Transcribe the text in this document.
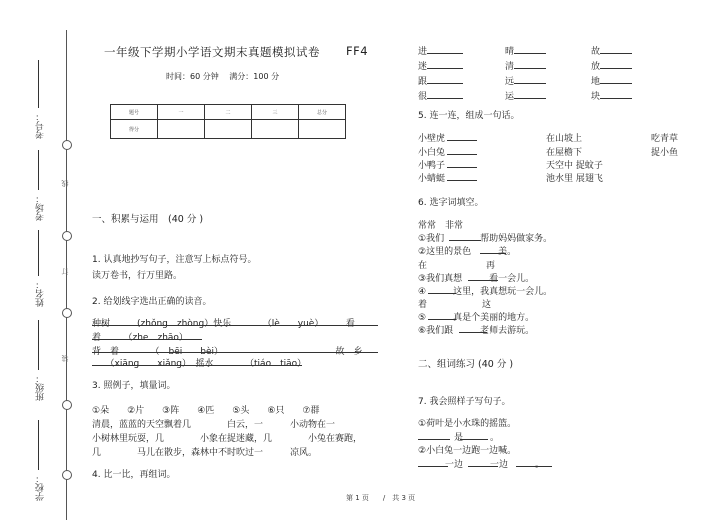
考号：
考场：
姓名：
班级：
学校：
线
订
装
一年级下学期小学语文期末真题模拟试卷 FF4
时间：60 分钟　 满分：100 分
题号	一	二	三	总分
得分				
一、积累与运用　(40 分 )
1. 认真地抄写句子，注意写上标点符号。
读万卷书，行万里路。
2. 给划线字选出正确的读音。
种树　　　(zhǒng　zhòng）快乐　　　　（lè　　yuè）　　　看
着　　　（zhe　zhāo）
背　着　　　　（　bēi　　bèi）　　　　　　　　　　　　　故　乡
　　（xiāng　　xiǎng）　摇水　　　　（tiáo　tiāo）
3. 照例子，填量词。
①朵　　②片　　③阵　　④匹　　⑤头　　⑥只　　⑦群
清晨，蓝蓝的天空飘着几　　　　白云，一　　　小动物在一
小树林里玩耍，几　　　　小象在捉迷藏，几　　　　小兔在赛跑，
几　　　　马儿在散步，森林中不时吹过一　　　凉风。
4. 比一比，再组词。
进	晴	故
迷	清	放
跟	远	地
很	运	块
5. 连一连，组成一句话。
小壁虎	在山坡上	吃青草
小白兔	在屋檐下	捉小鱼
小鸭子	天空中 捉蚊子
小蜻蜓	池水里 展翅飞
6. 选字词填空。
常常　非常
①我们　　　　帮助妈妈做家务。
②这里的景色　　　美。
在	再
③我们真想　　　看一会儿。
④　　　这里，我真想玩一会儿。
着	这
⑤　　　真是个美丽的地方。
⑥我们跟　　　老师去游玩。
二、组词练习 (40 分 )
7. 我会照样子写句子。
①荷叶是小水珠的摇篮。
　　　　是　　　。
②小白兔一边跑一边喊。
　　　一边　　　一边　　　。
第 1 页　　 /　 共 3 页
